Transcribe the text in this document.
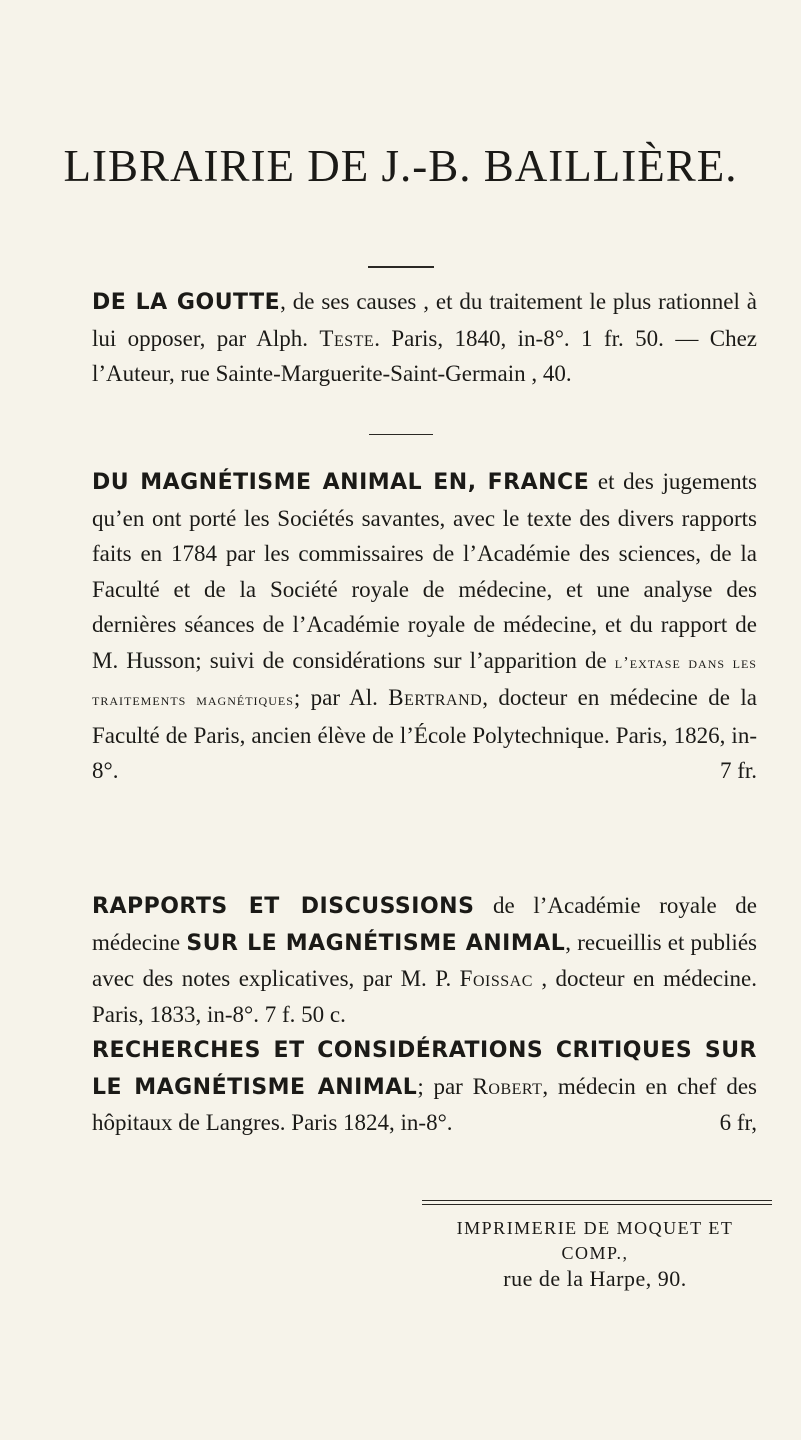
LIBRAIRIE DE J.-B. BAILLIÈRE.
DE LA GOUTTE, de ses causes , et du traitement le plus rationnel à lui opposer, par Alph. Teste. Paris, 1840, in-8°. 1 fr. 50. — Chez l’Auteur, rue Sainte-Marguerite-Saint-Germain , 40.
DU MAGNÉTISME ANIMAL EN, FRANCE et des jugements qu’en ont porté les Sociétés savantes, avec le texte des divers rapports faits en 1784 par les commissaires de l’Académie des sciences, de la Faculté et de la Société royale de médecine, et une analyse des dernières séances de l’Académie royale de médecine, et du rapport de M. Husson; suivi de considérations sur l’apparition de l’extase dans les traitements magnétiques; par Al. Bertrand, docteur en médecine de la Faculté de Paris, ancien élève de l’École Polytechnique. Paris, 1826, in-8°.	7 fr.
RAPPORTS ET DISCUSSIONS de l’Académie royale de médecine SUR LE MAGNÉTISME ANIMAL, recueillis et publiés avec des notes explicatives, par M. P. Foissac , docteur en médecine. Paris, 1833, in-8°. 7 f. 50 c.
RECHERCHES ET CONSIDÉRATIONS CRITIQUES SUR LE MAGNÉTISME ANIMAL; par Robert, médecin en chef des hôpitaux de Langres. Paris 1824, in-8°.	6 fr,
IMPRIMERIE DE MOQUET ET COMP.,
rue de la Harpe, 90.
